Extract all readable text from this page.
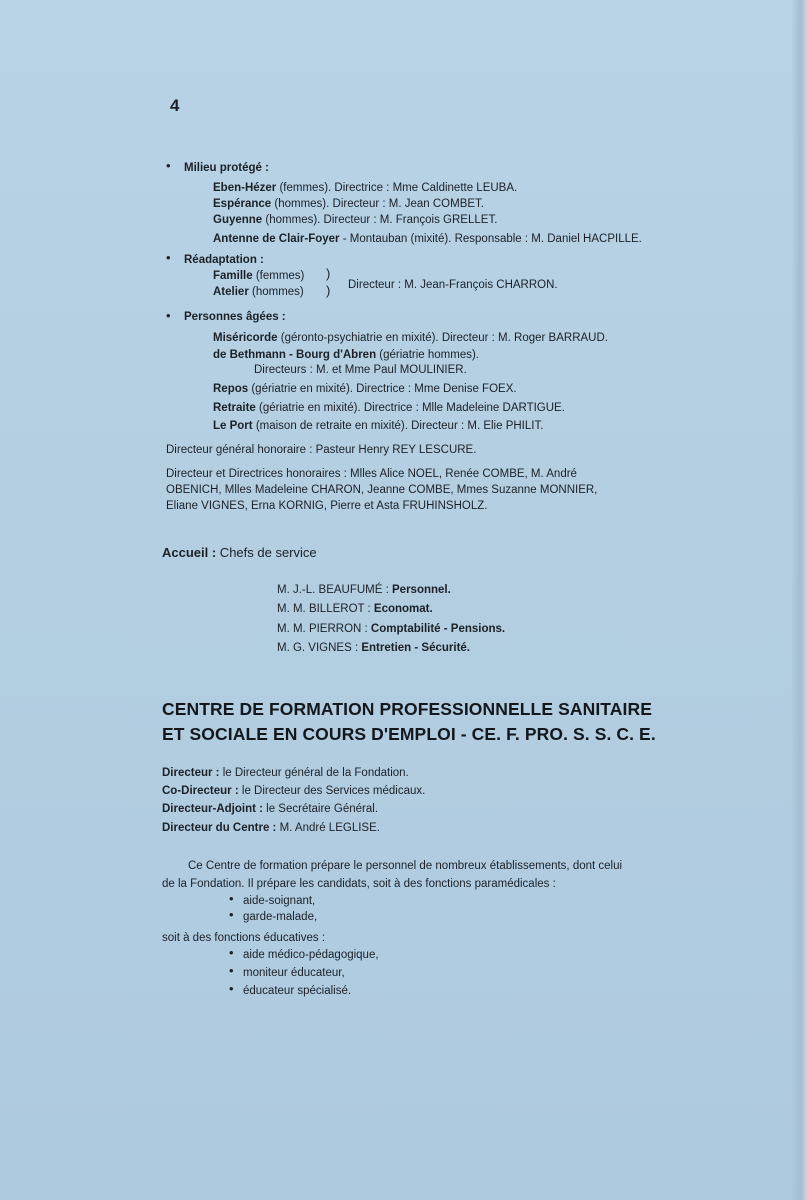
4
• Milieu protégé :
Eben-Hézer (femmes). Directrice : Mme Caldinette LEUBA.
Espérance (hommes). Directeur : M. Jean COMBET.
Guyenne (hommes). Directeur : M. François GRELLET.
Antenne de Clair-Foyer - Montauban (mixité). Responsable : M. Daniel HACPILLE.
• Réadaptation :
Famille (femmes)
Atelier (hommes)
)
) Directeur : M. Jean-François CHARRON.
• Personnes âgées :
Miséricorde (géronto-psychiatrie en mixité). Directeur : M. Roger BARRAUD.
de Bethmann - Bourg d'Abren (gériatrie hommes).
Directeurs : M. et Mme Paul MOULINIER.
Repos (gériatrie en mixité). Directrice : Mme Denise FOEX.
Retraite (gériatrie en mixité). Directrice : Mlle Madeleine DARTIGUE.
Le Port (maison de retraite en mixité). Directeur : M. Elie PHILIT.
Directeur général honoraire : Pasteur Henry REY LESCURE.
Directeur et Directrices honoraires : Mlles Alice NOEL, Renée COMBE, M. André
OBENICH, Mlles Madeleine CHARON, Jeanne COMBE, Mmes Suzanne MONNIER,
Eliane VIGNES, Erna KORNIG, Pierre et Asta FRUHINSHOLZ.
Accueil : Chefs de service
M. J.-L. BEAUFUMÉ : Personnel.
M. M. BILLEROT : Economat.
M. M. PIERRON : Comptabilité - Pensions.
M. G. VIGNES : Entretien - Sécurité.
CENTRE DE FORMATION PROFESSIONNELLE SANITAIRE
ET SOCIALE EN COURS D'EMPLOI - CE. F. PRO. S. S. C. E.
Directeur : le Directeur général de la Fondation.
Co-Directeur : le Directeur des Services médicaux.
Directeur-Adjoint : le Secrétaire Général.
Directeur du Centre : M. André LEGLISE.
Ce Centre de formation prépare le personnel de nombreux établissements, dont celui
de la Fondation. Il prépare les candidats, soit à des fonctions paramédicales :
• aide-soignant,
• garde-malade,
soit à des fonctions éducatives :
• aide médico-pédagogique,
• moniteur éducateur,
• éducateur spécialisé.
